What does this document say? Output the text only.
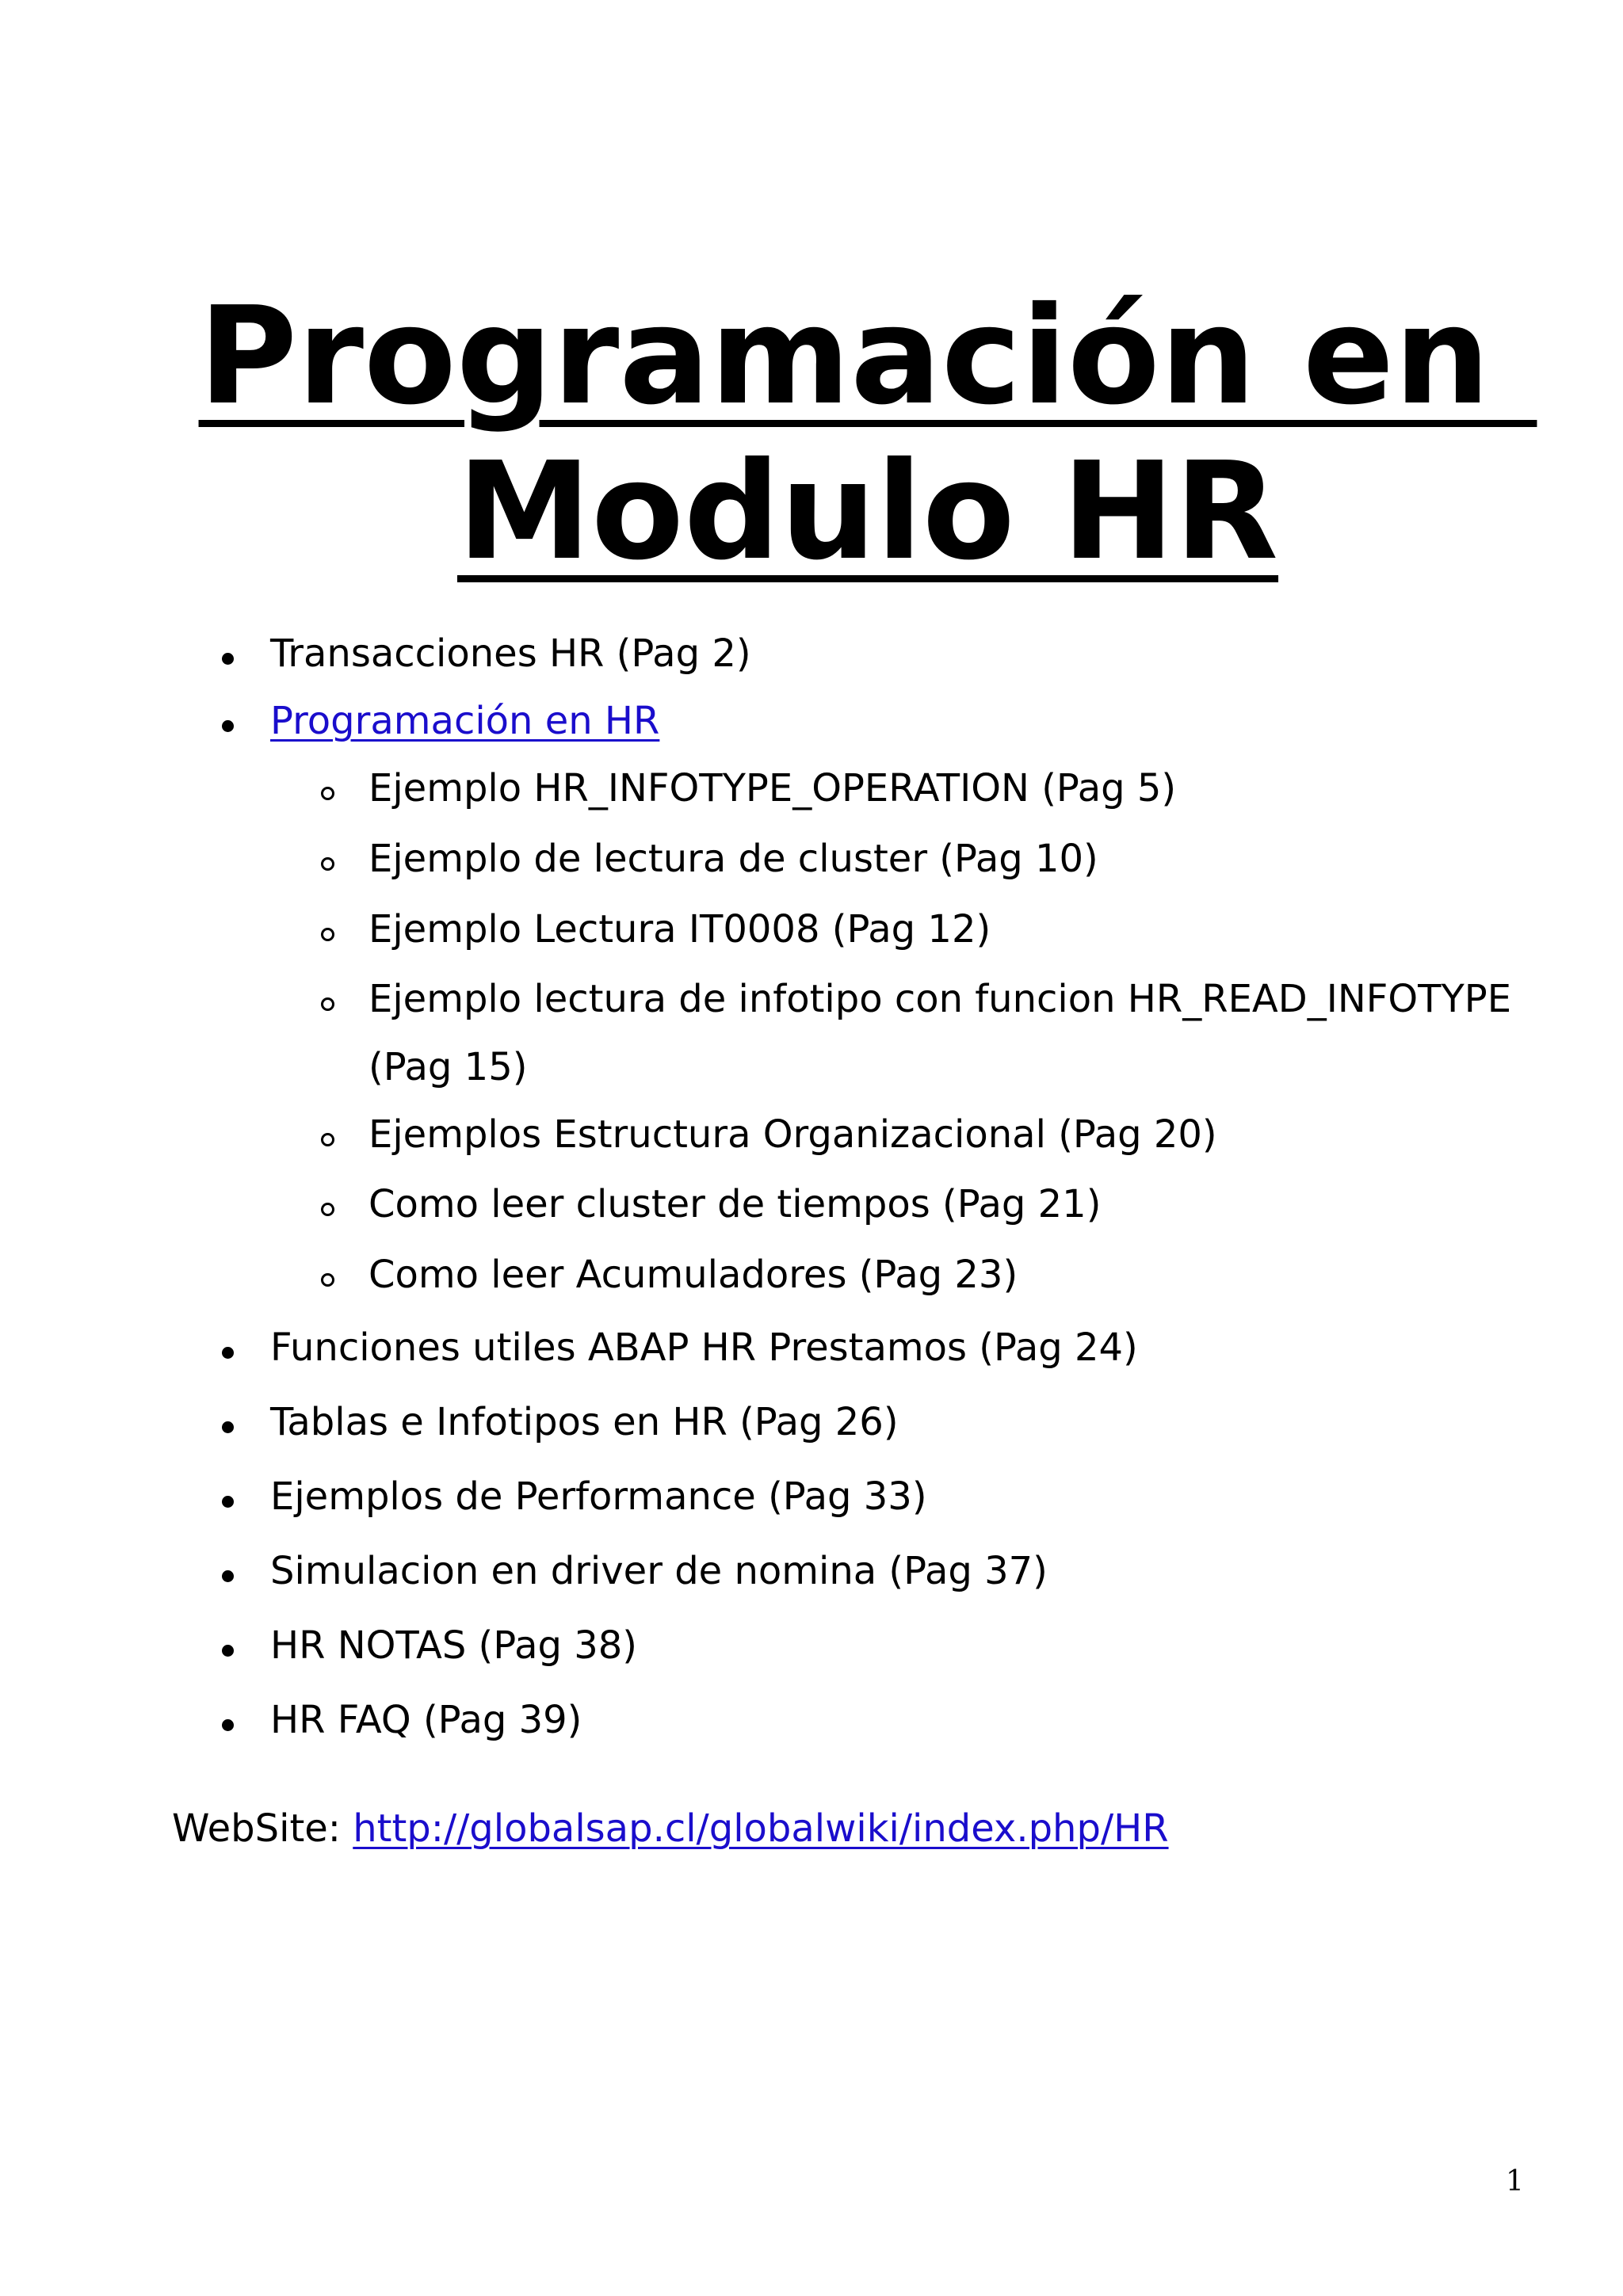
Programación en
Modulo HR
Transacciones HR (Pag 2)
Programación en HR
Ejemplo HR_INFOTYPE_OPERATION (Pag 5)
Ejemplo de lectura de cluster (Pag 10)
Ejemplo Lectura IT0008 (Pag 12)
Ejemplo lectura de infotipo con funcion HR_READ_INFOTYPE
(Pag 15)
Ejemplos Estructura Organizacional (Pag 20)
Como leer cluster de tiempos (Pag 21)
Como leer Acumuladores (Pag 23)
Funciones utiles ABAP HR Prestamos (Pag 24)
Tablas e Infotipos en HR (Pag 26)
Ejemplos de Performance (Pag 33)
Simulacion en driver de nomina (Pag 37)
HR NOTAS (Pag 38)
HR FAQ (Pag 39)
WebSite: http://globalsap.cl/globalwiki/index.php/HR
1
